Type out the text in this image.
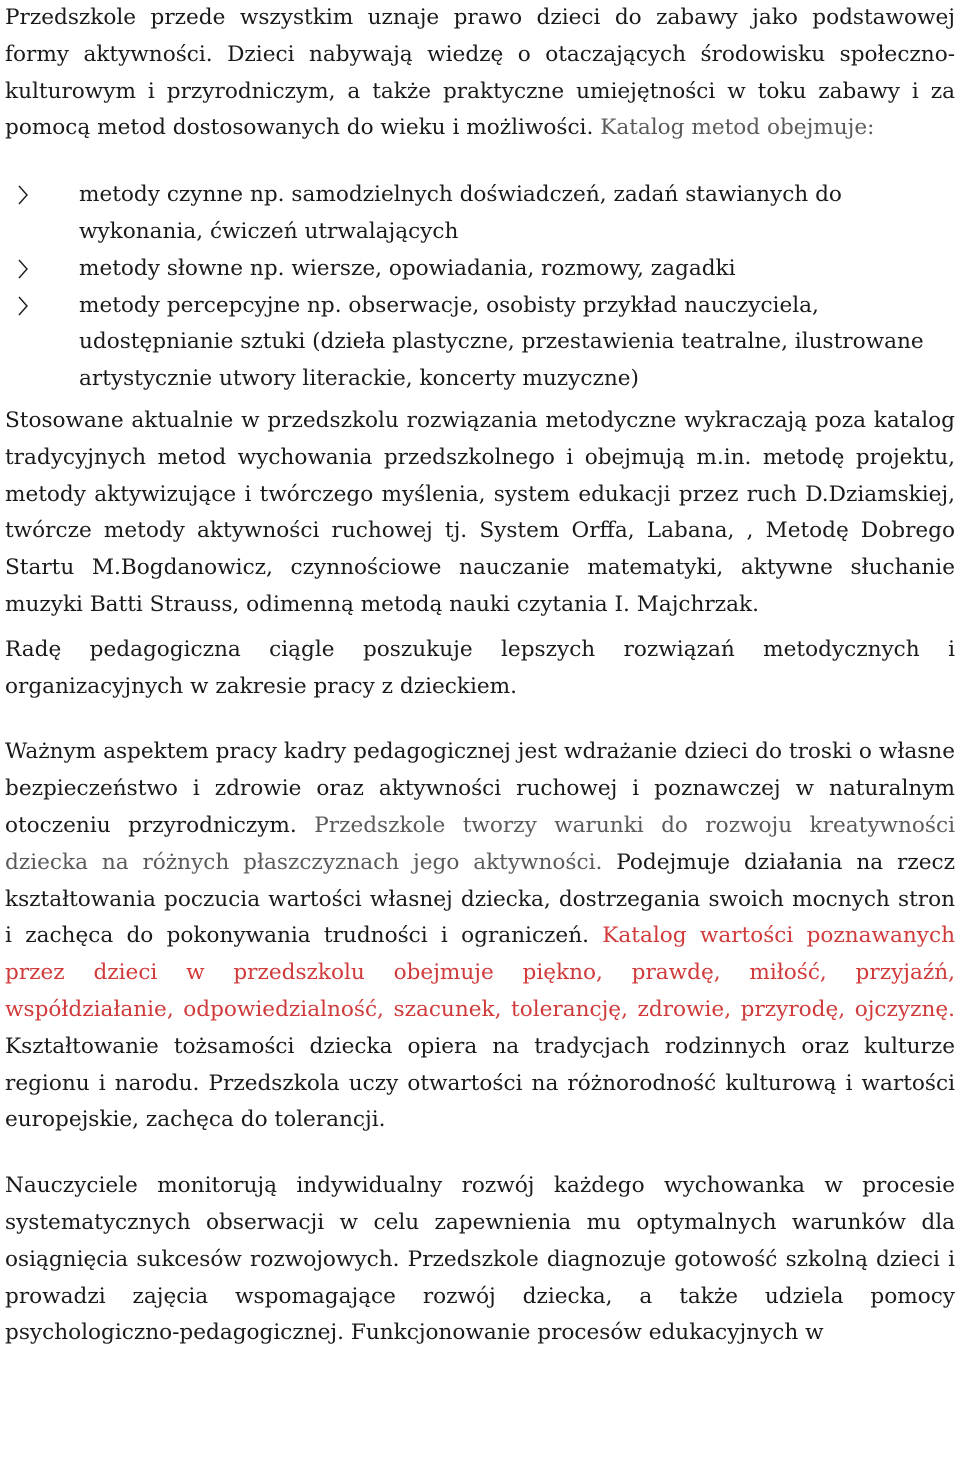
Przedszkole przede wszystkim uznaje prawo dzieci do zabawy jako podstawowej formy aktywności. Dzieci nabywają wiedzę o otaczających środowisku społeczno-kulturowym i przyrodniczym, a także praktyczne umiejętności w toku zabawy i za pomocą metod dostosowanych do wieku i możliwości. Katalog metod obejmuje:

metody czynne np. samodzielnych doświadczeń, zadań stawianych do wykonania, ćwiczeń utrwalających
metody słowne np. wiersze, opowiadania, rozmowy, zagadki
metody percepcyjne np. obserwacje, osobisty przykład nauczyciela, udostępnianie sztuki (dzieła plastyczne, przestawienia teatralne, ilustrowane artystycznie utwory literackie, koncerty muzyczne)

Stosowane aktualnie w przedszkolu rozwiązania metodyczne wykraczają poza katalog tradycyjnych metod wychowania przedszkolnego i obejmują m.in. metodę projektu, metody aktywizujące i twórczego myślenia, system edukacji przez ruch D.Dziamskiej, twórcze metody aktywności ruchowej tj. System Orffa, Labana, , Metodę Dobrego Startu M.Bogdanowicz, czynnościowe nauczanie matematyki, aktywne słuchanie muzyki Batti Strauss, odimenną metodą nauki czytania I. Majchrzak.

Radę pedagogiczna ciągle poszukuje lepszych rozwiązań metodycznych i organizacyjnych w zakresie pracy z dzieckiem.

Ważnym aspektem pracy kadry pedagogicznej jest wdrażanie dzieci do troski o własne bezpieczeństwo i zdrowie oraz aktywności ruchowej i poznawczej w naturalnym otoczeniu przyrodniczym. Przedszkole tworzy warunki do rozwoju kreatywności dziecka na różnych płaszczyznach jego aktywności. Podejmuje działania na rzecz kształtowania poczucia wartości własnej dziecka, dostrzegania swoich mocnych stron i zachęca do pokonywania trudności i ograniczeń. Katalog wartości poznawanych przez dzieci w przedszkolu obejmuje piękno, prawdę, miłość, przyjaźń, współdziałanie, odpowiedzialność, szacunek, tolerancję, zdrowie, przyrodę, ojczyznę. Kształtowanie tożsamości dziecka opiera na tradycjach rodzinnych oraz kulturze regionu i narodu. Przedszkola uczy otwartości na różnorodność kulturową i wartości europejskie, zachęca do tolerancji.

Nauczyciele monitorują indywidualny rozwój każdego wychowanka w procesie systematycznych obserwacji w celu zapewnienia mu optymalnych warunków dla osiągnięcia sukcesów rozwojowych. Przedszkole diagnozuje gotowość szkolną dzieci i prowadzi zajęcia wspomagające rozwój dziecka, a także udziela pomocy psychologiczno-pedagogicznej. Funkcjonowanie procesów edukacyjnych w
